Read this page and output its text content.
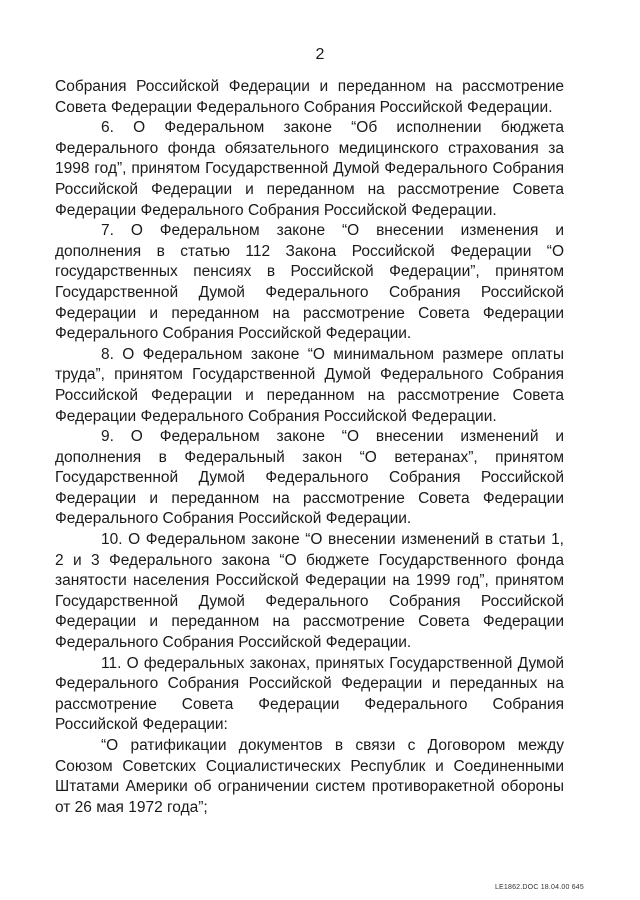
2

Собрания Российской Федерации и переданном на рассмотрение Совета Федерации Федерального Собрания Российской Федерации.

6. О Федеральном законе “Об исполнении бюджета Федерального фонда обязательного медицинского страхования за 1998 год”, принятом Государственной Думой Федерального Собрания Российской Федерации и переданном на рассмотрение Совета Федерации Федерального Собрания Российской Федерации.

7. О Федеральном законе “О внесении изменения и дополнения в статью 112 Закона Российской Федерации “О государственных пенсиях в Российской Федерации”, принятом Государственной Думой Федерального Собрания Российской Федерации и переданном на рассмотрение Совета Федерации Федерального Собрания Российской Федерации.

8. О Федеральном законе “О минимальном размере оплаты труда”, принятом Государственной Думой Федерального Собрания Российской Федерации и переданном на рассмотрение Совета Федерации Федерального Собрания Российской Федерации.

9. О Федеральном законе “О внесении изменений и дополнения в Федеральный закон “О ветеранах”, принятом Государственной Думой Федерального Собрания Российской Федерации и переданном на рассмотрение Совета Федерации Федерального Собрания Российской Федерации.

10. О Федеральном законе “О внесении изменений в статьи 1, 2 и 3 Федерального закона “О бюджете Государственного фонда занятости населения Российской Федерации на 1999 год”, принятом Государственной Думой Федерального Собрания Российской Федерации и переданном на рассмотрение Совета Федерации Федерального Собрания Российской Федерации.

11. О федеральных законах, принятых Государственной Думой Федерального Собрания Российской Федерации и переданных на рассмотрение Совета Федерации Федерального Собрания Российской Федерации:

“О ратификации документов в связи с Договором между Союзом Советских Социалистических Республик и Соединенными Штатами Америки об ограничении систем противоракетной обороны от 26 мая 1972 года”;

LE1862.DOC 18.04.00 645
